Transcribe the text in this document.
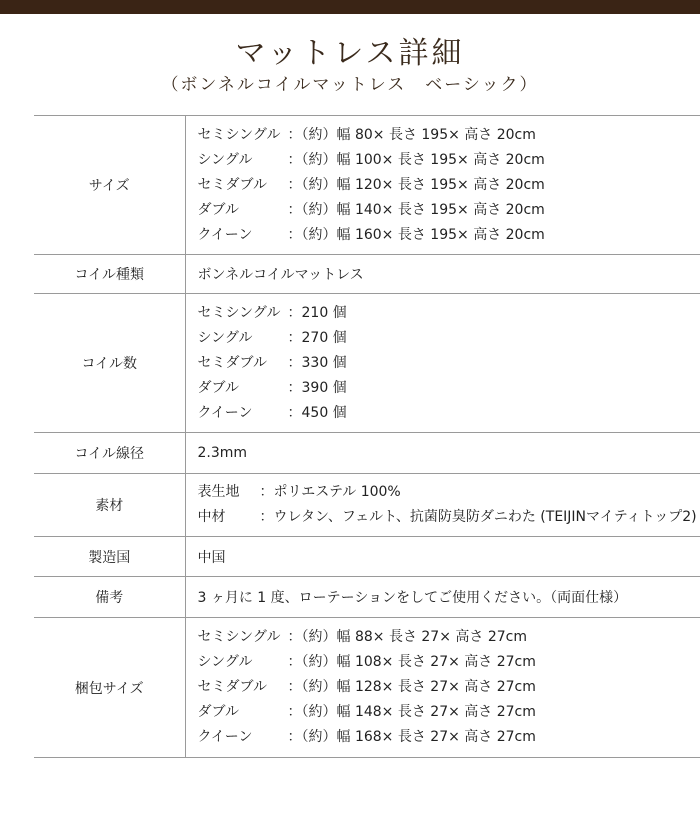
マットレス詳細
（ボンネルコイルマットレス　ベーシック）
サイズ	セミシングル ：（約）幅 80× 長さ 195× 高さ 20cm
シングル ：（約）幅 100× 長さ 195× 高さ 20cm
セミダブル ：（約）幅 120× 長さ 195× 高さ 20cm
ダブル ：（約）幅 140× 長さ 195× 高さ 20cm
クイーン ：（約）幅 160× 長さ 195× 高さ 20cm

コイル種類	ボンネルコイルマットレス
コイル数	セミシングル ：210 個
シングル ：270 個
セミダブル ：330 個
ダブル ：390 個
クイーン ：450 個

コイル線径	2.3mm
素材	表生地 ：ポリエステル 100%
中材 ：ウレタン、フェルト、抗菌防臭防ダニわた (TEIJINマイティトップ2)

製造国	中国
備考	3 ヶ月に 1 度、ローテーションをしてご使用ください。（両面仕様）
梱包サイズ	セミシングル ：（約）幅 88× 長さ 27× 高さ 27cm
シングル ：（約）幅 108× 長さ 27× 高さ 27cm
セミダブル ：（約）幅 128× 長さ 27× 高さ 27cm
ダブル ：（約）幅 148× 長さ 27× 高さ 27cm
クイーン ：（約）幅 168× 長さ 27× 高さ 27cm
